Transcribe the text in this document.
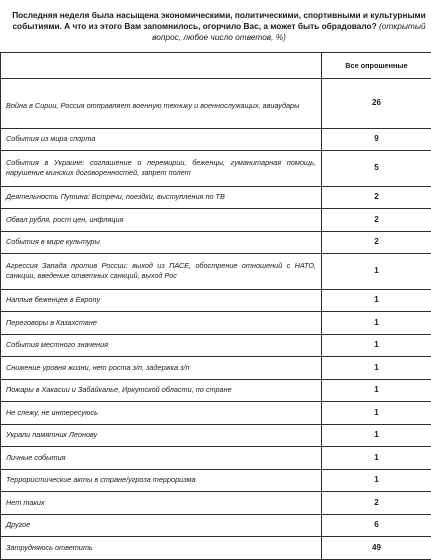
Последняя неделя была насыщена экономическими, политическими, спортивными и культурными событиями. А что из этого Вам запомнилось, огорчило Вас, а может быть обрадовало? (открытый вопрос, любое число ответов, %)
	Все опрошенные
Война в Сирии, Россия отправляет военную технику и военнослужащих, авиаудары	26
События из мира спорта	9
События в Украине: соглашение о перемирии, беженцы, гуманитарная помощь, нарушение минских договоренностей, запрет полет	5
Деятельность Путина: Встречи, поездки, выступления по ТВ	2
Обвал рубля, рост цен, инфляция	2
События в мире культуры	2
Агрессия Запада против России: выход из ПАСЕ, обострение отношений с НАТО, санкции, введение ответных санкций, выход Рос	1
Наплыв беженцев в Европу	1
Переговоры в Казахстане	1
События местного значения	1
Снижение уровня жизни, нет роста з/п, задержка з/п	1
Пожары в Хакасии и Забайкалье, Иркутской области, по стране	1
Не слежу, не интересуюсь	1
Украли памятник Леонову	1
Личные события	1
Террористические акты в стране/угроза терроризма	1
Нет таких	2
Другое	6
Затрудняюсь ответить	49
